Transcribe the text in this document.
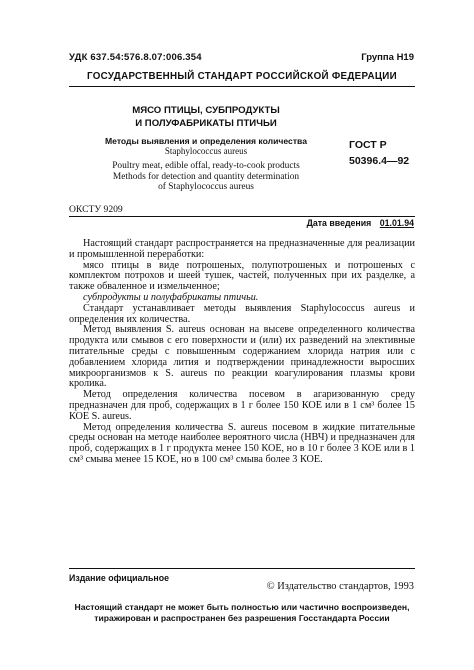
УДК 637.54:576.8.07:006.354	Группа Н19
ГОСУДАРСТВЕННЫЙ СТАНДАРТ РОССИЙСКОЙ ФЕДЕРАЦИИ
МЯСО ПТИЦЫ, СУБПРОДУКТЫ
И ПОЛУФАБРИКАТЫ ПТИЧЬИ
Методы выявления и определения количества
Staphylococcus aureus
Poultry meat, edible offal, ready-to-cook products
Methods for detection and quantity determination
of Staphylococcus aureus
ГОСТ Р
50396.4—92
ОКСТУ 9209
Дата введения 01.01.94

Настоящий стандарт распространяется на предназначенные для реализации и промышленной переработки:

мясо птицы в виде потрошеных, полупотрошеных и потрошеных с комплектом потрохов и шеей тушек, частей, полученных при их разделке, а также обваленное и измельченное;

субпродукты и полуфабрикаты птичьи.

Стандарт устанавливает методы выявления Staphylococcus aureus и определения их количества.

Метод выявления S. aureus основан на высеве определенного количества продукта или смывов с его поверхности и (или) их разведений на элективные питательные среды с повышенным содержанием хлорида натрия или с добавлением хлорида лития и подтверждении принадлежности выросших микроорганизмов к S. aureus по реакции коагулирования плазмы крови кролика.

Метод определения количества посевом в агаризованную среду предназначен для проб, содержащих в 1 г более 150 КОЕ или в 1 см³ более 15 КОЕ S. aureus.

Метод определения количества S. aureus посевом в жидкие питательные среды основан на методе наиболее вероятного числа (НВЧ) и предназначен для проб, содержащих в 1 г продукта менее 150 КОЕ, но в 10 г более 3 КОЕ или в 1 см³ смыва менее 15 КОЕ, но в 100 см³ смыва более 3 КОЕ.

Издание официальное
© Издательство стандартов, 1993
Настоящий стандарт не может быть полностью или частично воспроизведен,
тиражирован и распространен без разрешения Госстандарта России
